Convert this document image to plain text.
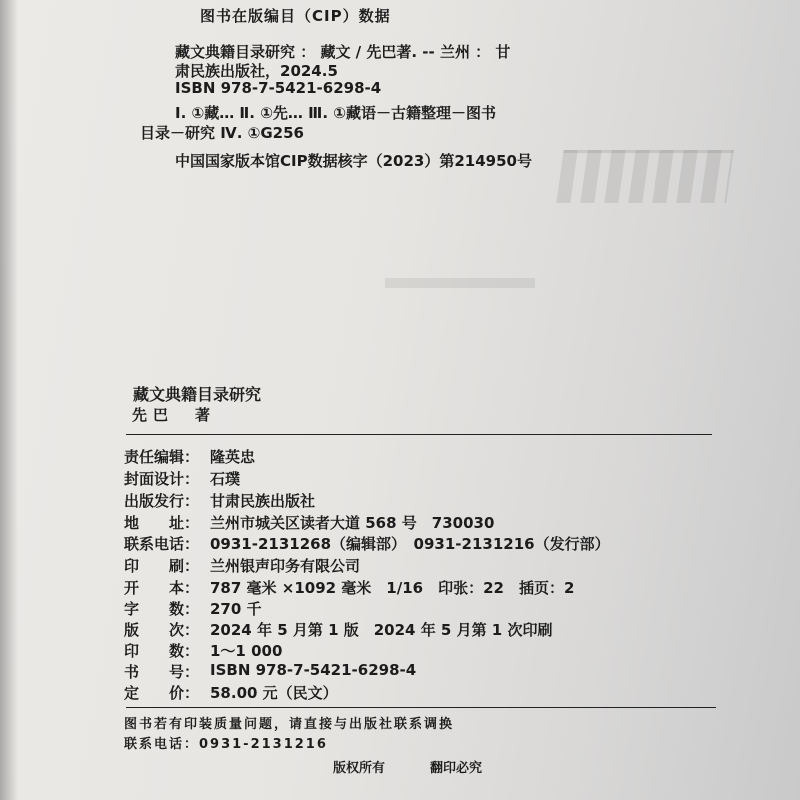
图书在版编目（CIP）数据
藏文典籍目录研究 ： 藏文 / 先巴著. -- 兰州 ： 甘
肃民族出版社，2024.5
ISBN 978-7-5421-6298-4
Ⅰ. ①藏… Ⅱ. ①先… Ⅲ. ①藏语－古籍整理－图书
目录－研究 Ⅳ. ①G256
中国国家版本馆CIP数据核字（2023）第214950号
藏文典籍目录研究
先巴　著
责任编辑： 隆英忠
封面设计： 石璞
出版发行： 甘肃民族出版社
地　　址： 兰州市城关区读者大道 568 号　730030
联系电话： 0931-2131268（编辑部）　0931-2131216（发行部）
印　　刷： 兰州银声印务有限公司
开　　本： 787 毫米 ×1092 毫米　1/16　印张：22　插页：2
字　　数： 270 千
版　　次： 2024 年 5 月第 1 版　2024 年 5 月第 1 次印刷
印　　数： 1～1 000
书　　号： ISBN 978-7-5421-6298-4
定　　价： 58.00 元（民文）
图书若有印装质量问题，请直接与出版社联系调换
联系电话：0931-2131216
版权所有	翻印必究
